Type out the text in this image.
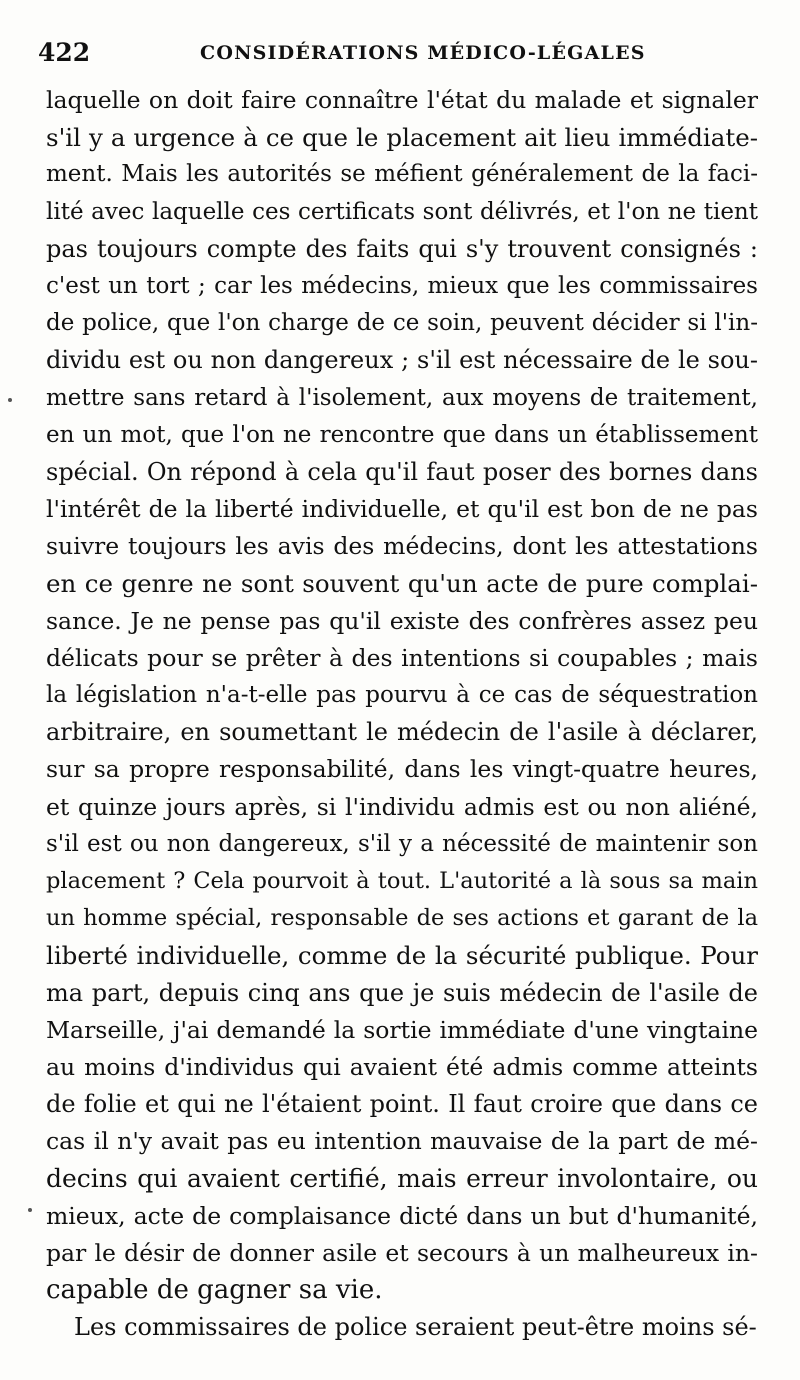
422	CONSIDÉRATIONS MÉDICO-LÉGALES
laquelle on doit faire connaître l'état du malade et signaler
s'il y a urgence à ce que le placement ait lieu immédiate-
ment. Mais les autorités se méfient généralement de la faci-
lité avec laquelle ces certificats sont délivrés, et l'on ne tient
pas toujours compte des faits qui s'y trouvent consignés :
c'est un tort ; car les médecins, mieux que les commissaires
de police, que l'on charge de ce soin, peuvent décider si l'in-
dividu est ou non dangereux ; s'il est nécessaire de le sou-
mettre sans retard à l'isolement, aux moyens de traitement,
en un mot, que l'on ne rencontre que dans un établissement
spécial. On répond à cela qu'il faut poser des bornes dans
l'intérêt de la liberté individuelle, et qu'il est bon de ne pas
suivre toujours les avis des médecins, dont les attestations
en ce genre ne sont souvent qu'un acte de pure complai-
sance. Je ne pense pas qu'il existe des confrères assez peu
délicats pour se prêter à des intentions si coupables ; mais
la législation n'a-t-elle pas pourvu à ce cas de séquestration
arbitraire, en soumettant le médecin de l'asile à déclarer,
sur sa propre responsabilité, dans les vingt-quatre heures,
et quinze jours après, si l'individu admis est ou non aliéné,
s'il est ou non dangereux, s'il y a nécessité de maintenir son
placement ? Cela pourvoit à tout. L'autorité a là sous sa main
un homme spécial, responsable de ses actions et garant de la
liberté individuelle, comme de la sécurité publique. Pour
ma part, depuis cinq ans que je suis médecin de l'asile de
Marseille, j'ai demandé la sortie immédiate d'une vingtaine
au moins d'individus qui avaient été admis comme atteints
de folie et qui ne l'étaient point. Il faut croire que dans ce
cas il n'y avait pas eu intention mauvaise de la part de mé-
decins qui avaient certifié, mais erreur involontaire, ou
mieux, acte de complaisance dicté dans un but d'humanité,
par le désir de donner asile et secours à un malheureux in-
capable de gagner sa vie.
Les commissaires de police seraient peut-être moins sé-
